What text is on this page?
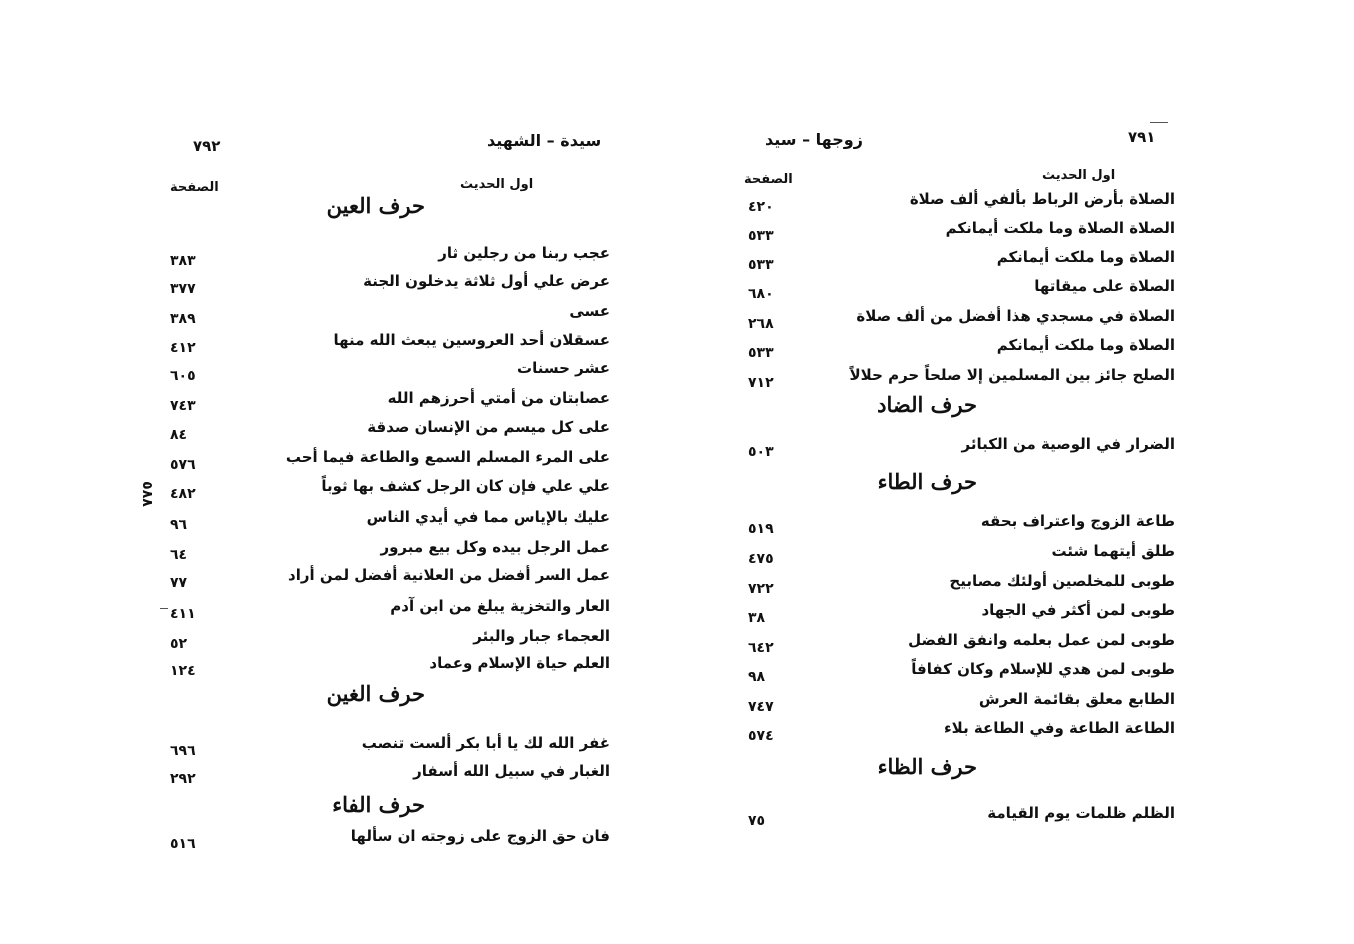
٧٩١
زوجها – سيد
اول الحديث
الصفحة
الصلاة بأرض الرباط بألفي ألف صلاة
٤٢٠
الصلاة الصلاة وما ملكت أيمانكم
٥٣٣
الصلاة وما ملكت أيمانكم
٥٣٣
الصلاة على ميقاتها
٦٨٠
الصلاة في مسجدي هذا أفضل من ألف صلاة
٢٦٨
الصلاة وما ملكت أيمانكم
٥٣٣
الصلح جائز بين المسلمين إلا صلحاً حرم حلالاً
٧١٢
حرف الضاد
الضرار في الوصية من الكبائر
٥٠٣
حرف الطاء
طاعة الزوج واعتراف بحقه
٥١٩
طلق أيتهما شئت
٤٧٥
طوبى للمخلصين أولئك مصابيح
٧٢٢
طوبى لمن أكثر في الجهاد
٣٨
طوبى لمن عمل بعلمه وانفق الفضل
٦٤٢
طوبى لمن هدي للإسلام وكان كفافاً
٩٨
الطابع معلق بقائمة العرش
٧٤٧
الطاعة الطاعة وفي الطاعة بلاء
٥٧٤
حرف الظاء
الظلم ظلمات يوم القيامة
٧٥
٧٩٢	سيدة – الشهيد
اول الحديث
الصفحة
٥٨٨
حرف العين
عجب ربنا من رجلين ثار
٣٨٣
عرض علي أول ثلاثة يدخلون الجنة
٣٧٧
عسى
٣٨٩
عسقلان أحد العروسين يبعث الله منها
٤١٢
عشر حسنات
٦٠٥
عصابتان من أمتي أحرزهم الله
٧٤٣
على كل ميسم من الإنسان صدقة
٨٤
على المرء المسلم السمع والطاعة فيما أحب
٥٧٦
علي علي فإن كان الرجل كشف بها ثوباً
٤٨٢
عليك بالإياس مما في أيدي الناس
٩٦
عمل الرجل بيده وكل بيع مبرور
٦٤
عمل السر أفضل من العلانية أفضل لمن أراد
٧٧
العار والتخزية يبلغ من ابن آدم
٤١١
العجماء جبار والبئر
٥٢
العلم حياة الإسلام وعماد
١٢٤
حرف الغين
غفر الله لك يا أبا بكر ألست تنصب
٦٩٦
الغبار في سبيل الله أسفار
٢٩٢
حرف الفاء
فان حق الزوج على زوجته ان سألها
٥١٦
